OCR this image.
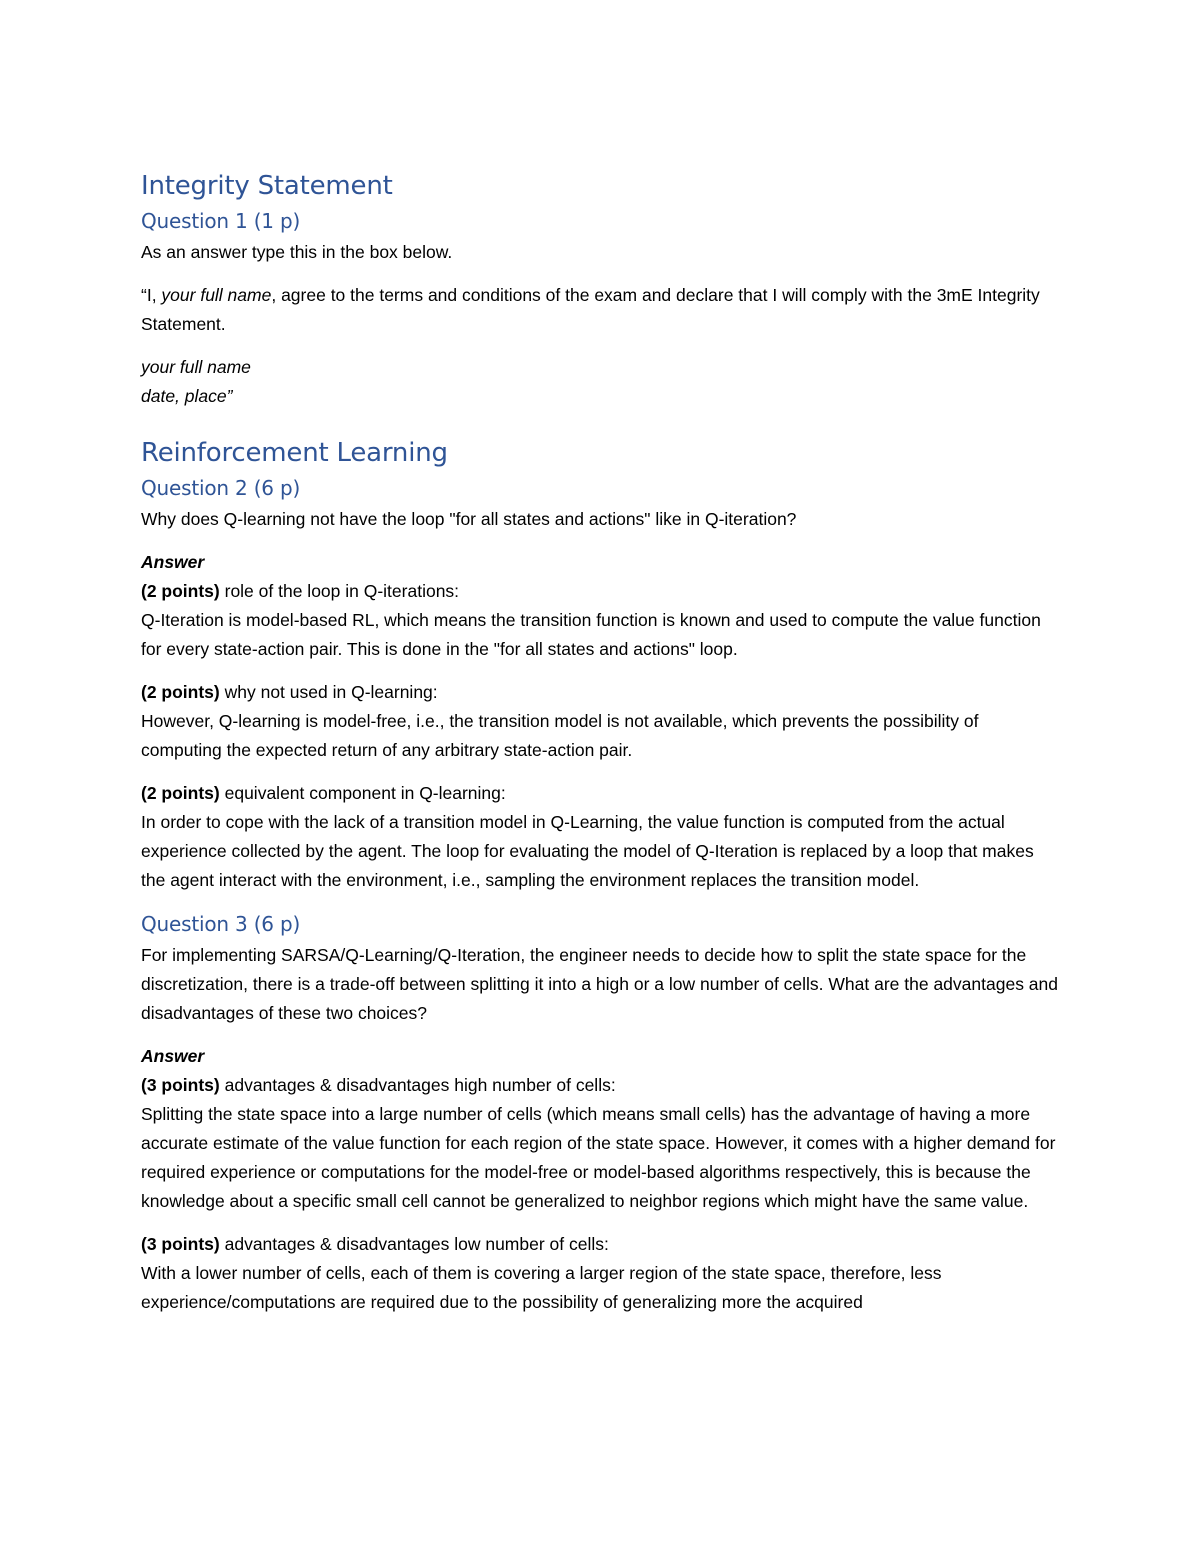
Integrity Statement
Question 1 (1 p)

As an answer type this in the box below.

“I, your full name, agree to the terms and conditions of the exam and declare that I will comply with the 3mE Integrity Statement.

your full name
date, place”

Reinforcement Learning
Question 2 (6 p)

Why does Q-learning not have the loop "for all states and actions" like in Q-iteration?

Answer

(2 points) role of the loop in Q-iterations:
Q-Iteration is model-based RL, which means the transition function is known and used to compute the value function for every state-action pair. This is done in the "for all states and actions" loop.

(2 points) why not used in Q-learning:
However, Q-learning is model-free, i.e., the transition model is not available, which prevents the possibility of computing the expected return of any arbitrary state-action pair.

(2 points) equivalent component in Q-learning:
In order to cope with the lack of a transition model in Q-Learning, the value function is computed from the actual experience collected by the agent. The loop for evaluating the model of Q-Iteration is replaced by a loop that makes the agent interact with the environment, i.e., sampling the environment replaces the transition model.

Question 3 (6 p)

For implementing SARSA/Q-Learning/Q-Iteration, the engineer needs to decide how to split the state space for the discretization, there is a trade-off between splitting it into a high or a low number of cells. What are the advantages and disadvantages of these two choices?

Answer

(3 points) advantages & disadvantages high number of cells:
Splitting the state space into a large number of cells (which means small cells) has the advantage of having a more accurate estimate of the value function for each region of the state space. However, it comes with a higher demand for required experience or computations for the model-free or model-based algorithms respectively, this is because the knowledge about a specific small cell cannot be generalized to neighbor regions which might have the same value.

(3 points) advantages & disadvantages low number of cells:
With a lower number of cells, each of them is covering a larger region of the state space, therefore, less experience/computations are required due to the possibility of generalizing more the acquired
